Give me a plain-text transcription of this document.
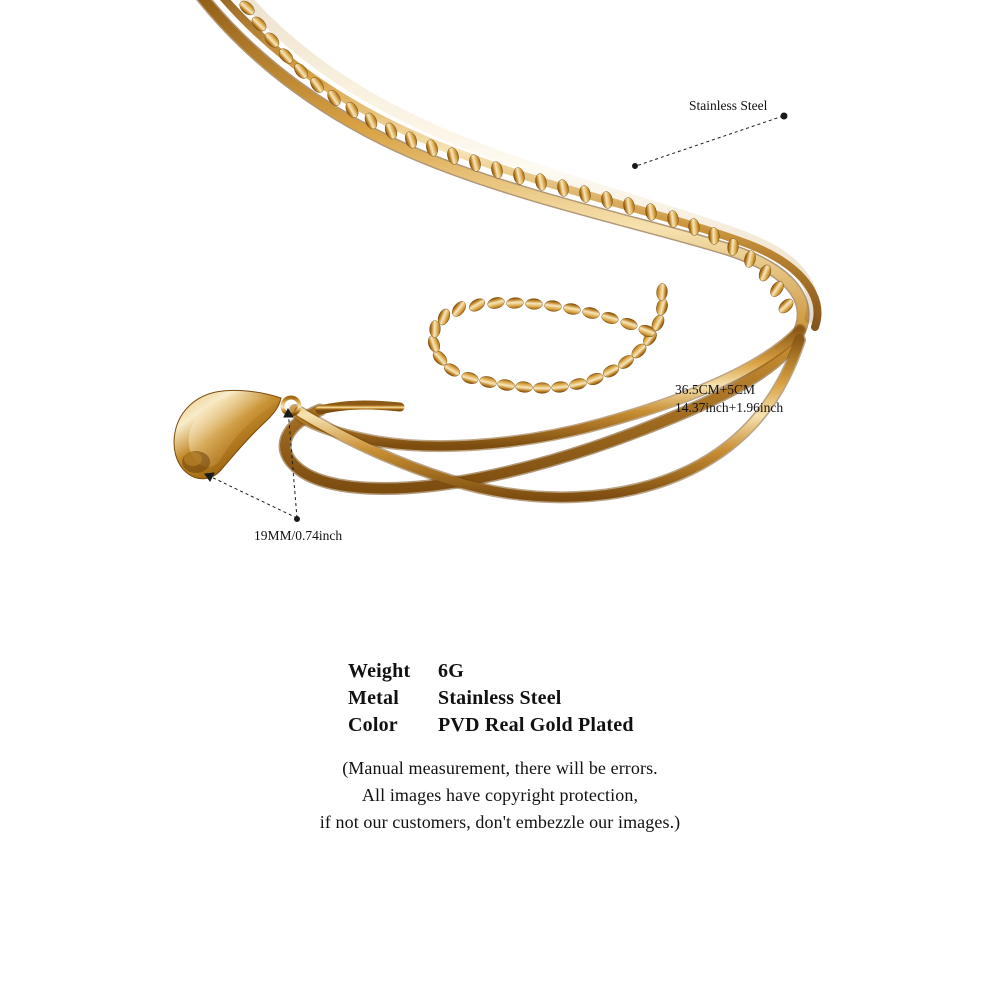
Stainless Steel
36.5CM+5CM
14.37inch+1.96inch
19MM/0.74inch
Weight	6G
Metal	Stainless Steel
Color	PVD Real Gold Plated
(Manual measurement, there will be errors.
All images have copyright protection,
if not our customers, don't embezzle our images.)
